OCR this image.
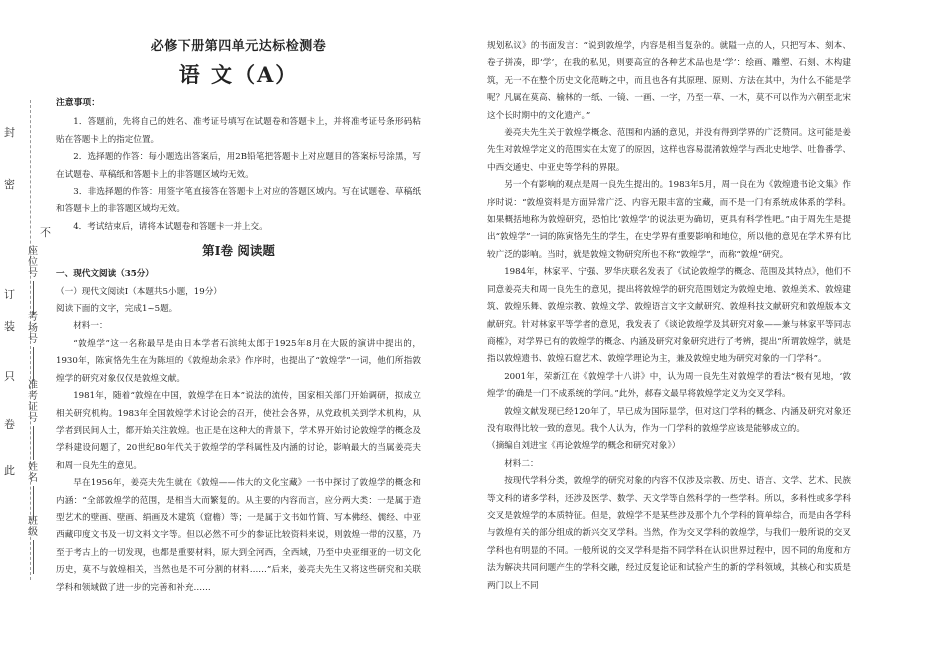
封
密
不
订
装
只
卷
此
座位号
考场号
准考证号
姓名
班级
必修下册第四单元达标检测卷
语 文（A）
注意事项：

1．答题前，先将自己的姓名、准考证号填写在试题卷和答题卡上，并将准考证号条形码粘贴在答题卡上的指定位置。

2．选择题的作答：每小题选出答案后，用2B铅笔把答题卡上对应题目的答案标号涂黑，写在试题卷、草稿纸和答题卡上的非答题区域均无效。

3．非选择题的作答：用签字笔直接答在答题卡上对应的答题区域内。写在试题卷、草稿纸和答题卡上的非答题区域均无效。

4．考试结束后，请将本试题卷和答题卡一并上交。

第Ⅰ卷 阅读题

一、现代文阅读（35分）

（一）现代文阅读Ⅰ（本题共5小题，19分）

阅读下面的文字，完成1~5题。

材料一：

“敦煌学”这一名称最早是由日本学者石滨纯太郎于1925年8月在大阪的演讲中提出的，1930年，陈寅恪先生在为陈垣的《敦煌劫余录》作序时，也提出了“敦煌学”一词，他们所指敦煌学的研究对象仅仅是敦煌文献。

1981年，随着“敦煌在中国，敦煌学在日本”说法的流传，国家相关部门开始调研，拟成立相关研究机构。1983年全国敦煌学术讨论会的召开，使社会各界，从党政机关到学术机构，从学者到民间人士，都开始关注敦煌。也正是在这种大的背景下，学术界开始讨论敦煌学的概念及学科建设问题了，20世纪80年代关于敦煌学的学科属性及内涵的讨论，影响最大的当属姜亮夫和周一良先生的意见。

早在1956年，姜亮夫先生就在《敦煌——伟大的文化宝藏》一书中探讨了敦煌学的概念和内涵：“全部敦煌学的范围，是相当大而繁复的。从主要的内容而言，应分两大类：一是属于造型艺术的壁画、壁画、绢画及木建筑（窟檐）等；一是属于文书如竹简、写本佛经、儒经、中亚西藏印度文书及一切文料文字等。但以必然不可少的参证比较资料来说，则敦煌一带的汉墓，乃至于考古上的一切发现，也都是重要材料，原大到全河西，全西域，乃至中央亚细亚的一切文化历史，莫不与敦煌相关，当然也是不可分割的材料……”后来，姜亮夫先生又将这些研究和关联学科和领域做了进一步的完善和补充……

规划私议》的书面发言：“说到敦煌学，内容是相当复杂的。就隘一点的人，只把写本、刻本、卷子拼凑，即‘学’，在我的私见，则要高宣的各种艺术品也是‘学’：绘画、雕塑、石刻、木构建筑，无一不在整个历史文化范畴之中，而且也各有其原理、原则、方法在其中，为什么不能是学呢？凡属在莫高、榆林的一纸、一镜、一画、一字，乃至一草、一木，莫不可以作为六朝至北宋这个长时期中的文化遗产。”

姜亮夫先生关于敦煌学概念、范围和内涵的意见，并没有得到学界的广泛赞同。这可能是姜先生对敦煌学定义的范围实在太宽了的原因，这样也容易混淆敦煌学与西北史地学、吐鲁番学、中西交通史、中亚史等学科的界限。

另一个有影响的观点是周一良先生提出的。1983年5月，周一良在为《敦煌遗书论文集》作序时说：“敦煌资料是方面异常广泛、内容无限丰富的宝藏，而不是一门有系统成体系的学科。如果概括地称为敦煌研究，恐怕比‘敦煌学’的说法更为确切，更具有科学性吧。”由于周先生是提出“敦煌学”一词的陈寅恪先生的学生，在史学界有重要影响和地位，所以他的意见在学术界有比较广泛的影响。当时，就是敦煌文物研究所也不称“敦煌学”，而称“敦煌”研究。

1984年，林家平、宁强、罗华庆联名发表了《试论敦煌学的概念、范围及其特点》，他们不同意姜亮夫和周一良先生的意见，提出将敦煌学的研究范围划定为敦煌史地、敦煌美术、敦煌建筑、敦煌乐舞、敦煌宗教、敦煌文学、敦煌语言文字文献研究、敦煌科技文献研究和敦煌版本文献研究。针对林家平等学者的意见，我发表了《谈论敦煌学及其研究对象——兼与林家平等同志商榷》，对学界已有的敦煌学的概念、内涵及研究对象研究进行了考辨，提出“所谓敦煌学，就是指以敦煌遗书、敦煌石窟艺术、敦煌学理论为主，兼及敦煌史地为研究对象的一门学科”。

2001年，荣新江在《敦煌学十八讲》中，认为周一良先生对敦煌学的看法“极有见地，‘敦煌学’的确是一门不成系统的学问。”此外，郝春文最早将敦煌学定义为交叉学科。

敦煌文献发现已经120年了，早已成为国际显学，但对这门学科的概念、内涵及研究对象还没有取得比较一致的意见。我个人认为，作为一门学科的敦煌学应该是能够成立的。

（摘编自刘进宝《再论敦煌学的概念和研究对象》）

材料二：

按现代学科分类，敦煌学的研究对象的内容不仅涉及宗教、历史、语言、文学、艺术、民族等文科的诸多学科，还涉及医学、数学、天文学等自然科学的一些学科。所以，多科性或多学科交叉是敦煌学的本质特征。但是，敦煌学不是某些涉及那个九个学科的简单综合，而是由各学科与敦煌有关的部分组成的新兴交叉学科。当然，作为交叉学科的敦煌学，与我们一般所说的交叉学科也有明显的不同。一般所说的交叉学科是指不同学科在认识世界过程中，因不同的角度和方法为解决共同问题产生的学科交融，经过反复论证和试验产生的新的学科领域，其核心和实质是两门以上不同
